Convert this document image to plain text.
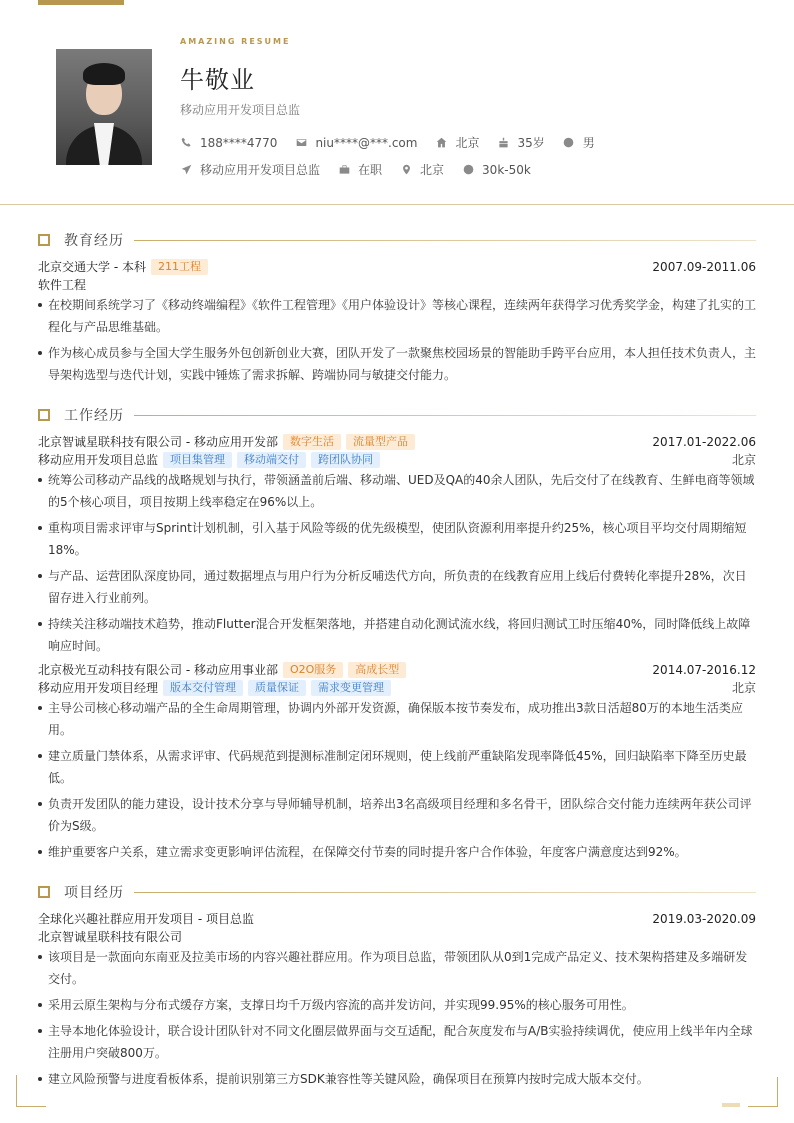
AMAZING RESUME
牛敬业
移动应用开发项目总监
188****4770	niu****@***.com	北京	35岁	男
移动应用开发项目总监	在职	北京	30k-50k
教育经历
北京交通大学 - 本科	211工程	2007.09-2011.06
软件工程
在校期间系统学习了《移动终端编程》《软件工程管理》《用户体验设计》等核心课程，连续两年获得学习优秀奖学金，构建了扎实的工程化与产品思维基础。
作为核心成员参与全国大学生服务外包创新创业大赛，团队开发了一款聚焦校园场景的智能助手跨平台应用，本人担任技术负责人，主导架构选型与迭代计划，实践中锤炼了需求拆解、跨端协同与敏捷交付能力。
工作经历
北京智诚星联科技有限公司 - 移动应用开发部	数字生活	流量型产品	2017.01-2022.06
移动应用开发项目总监	项目集管理	移动端交付	跨团队协同	北京
统筹公司移动产品线的战略规划与执行，带领涵盖前后端、移动端、UED及QA的40余人团队，先后交付了在线教育、生鲜电商等领域的5个核心项目，项目按期上线率稳定在96%以上。
重构项目需求评审与Sprint计划机制，引入基于风险等级的优先级模型，使团队资源利用率提升约25%，核心项目平均交付周期缩短18%。
与产品、运营团队深度协同，通过数据埋点与用户行为分析反哺迭代方向，所负责的在线教育应用上线后付费转化率提升28%，次日留存进入行业前列。
持续关注移动端技术趋势，推动Flutter混合开发框架落地，并搭建自动化测试流水线，将回归测试工时压缩40%，同时降低线上故障响应时间。
北京极光互动科技有限公司 - 移动应用事业部	O2O服务	高成长型	2014.07-2016.12
移动应用开发项目经理	版本交付管理	质量保证	需求变更管理	北京
主导公司核心移动端产品的全生命周期管理，协调内外部开发资源，确保版本按节奏发布，成功推出3款日活超80万的本地生活类应用。
建立质量门禁体系，从需求评审、代码规范到提测标准制定闭环规则，使上线前严重缺陷发现率降低45%，回归缺陷率下降至历史最低。
负责开发团队的能力建设，设计技术分享与导师辅导机制，培养出3名高级项目经理和多名骨干，团队综合交付能力连续两年获公司评价为S级。
维护重要客户关系，建立需求变更影响评估流程，在保障交付节奏的同时提升客户合作体验，年度客户满意度达到92%。
项目经历
全球化兴趣社群应用开发项目 - 项目总监	2019.03-2020.09
北京智诚星联科技有限公司
该项目是一款面向东南亚及拉美市场的内容兴趣社群应用。作为项目总监，带领团队从0到1完成产品定义、技术架构搭建及多端研发交付。
采用云原生架构与分布式缓存方案，支撑日均千万级内容流的高并发访问，并实现99.95%的核心服务可用性。
主导本地化体验设计，联合设计团队针对不同文化圈层做界面与交互适配，配合灰度发布与A/B实验持续调优，使应用上线半年内全球注册用户突破800万。
建立风险预警与进度看板体系，提前识别第三方SDK兼容性等关键风险，确保项目在预算内按时完成大版本交付。
